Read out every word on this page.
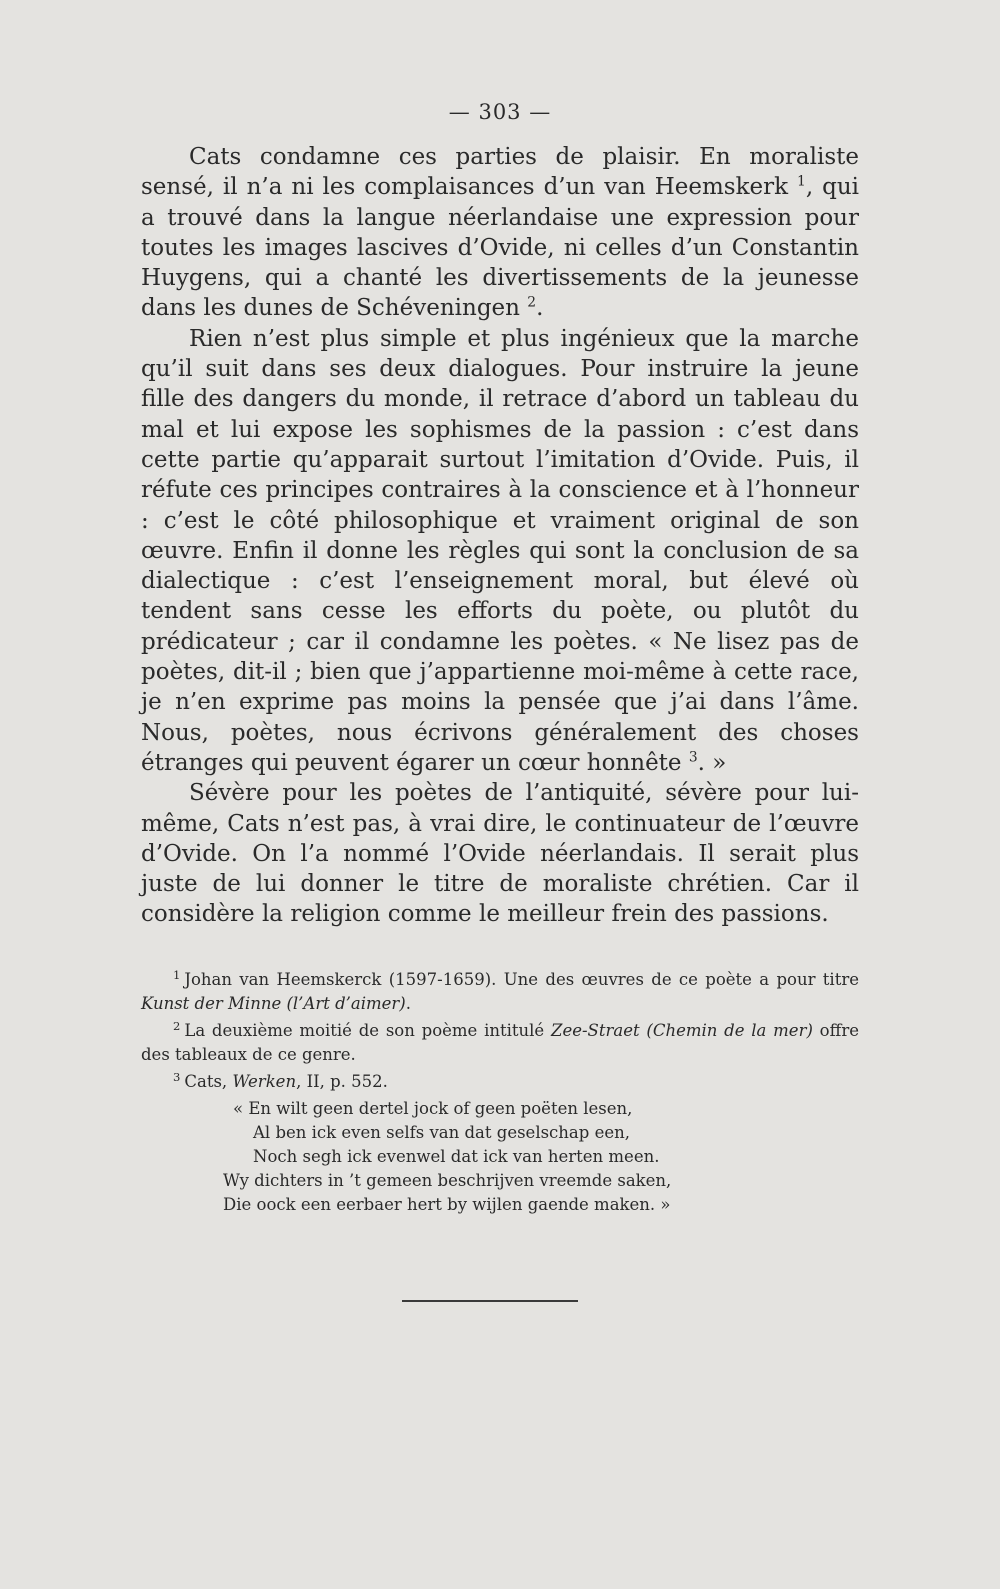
— 303 —

Cats condamne ces parties de plaisir. En moraliste sensé, il n’a ni les complaisances d’un van Heemskerk $^1$, qui a trouvé dans la langue néerlandaise une expression pour toutes les images lascives d’Ovide, ni celles d’un Constantin Huygens, qui a chanté les divertissements de la jeunesse dans les dunes de Schéveningen $^2$.

Rien n’est plus simple et plus ingénieux que la marche qu’il suit dans ses deux dialogues. Pour instruire la jeune fille des dangers du monde, il retrace d’abord un tableau du mal et lui expose les sophismes de la passion : c’est dans cette partie qu’apparait surtout l’imitation d’Ovide. Puis, il réfute ces principes contraires à la conscience et à l’honneur : c’est le côté philosophique et vraiment original de son œuvre. Enfin il donne les règles qui sont la conclusion de sa dialectique : c’est l’enseignement moral, but élevé où tendent sans cesse les efforts du poète, ou plutôt du prédicateur ; car il condamne les poètes. « Ne lisez pas de poètes, dit-il ; bien que j’appartienne moi-même à cette race, je n’en exprime pas moins la pensée que j’ai dans l’âme. Nous, poètes, nous écrivons généralement des choses étranges qui peuvent égarer un cœur honnête $^3$. »

Sévère pour les poètes de l’antiquité, sévère pour luimême, Cats n’est pas, à vrai dire, le continuateur de l’œuvre d’Ovide. On l’a nommé l’Ovide néerlandais. Il serait plus juste de lui donner le titre de moraliste chrétien. Car il considère la religion comme le meilleur frein des passions.

$^1$ Johan van Heemskerck (1597-1659). Une des œuvres de ce poète a pour titre Kunst der Minne (l’Art d’aimer).

$^2$ La deuxième moitié de son poème intitulé Zee-Straet (Chemin de la mer) offre des tableaux de ce genre.

$^3$ Cats, Werken, II, p. 552.

« En wilt geen dertel jock of geen poëten lesen,
Al ben ick even selfs van dat geselschap een,
Noch segh ick evenwel dat ick van herten meen.
Wy dichters in ’t gemeen beschrijven vreemde saken,
Die oock een eerbaer hert by wijlen gaende maken. »
